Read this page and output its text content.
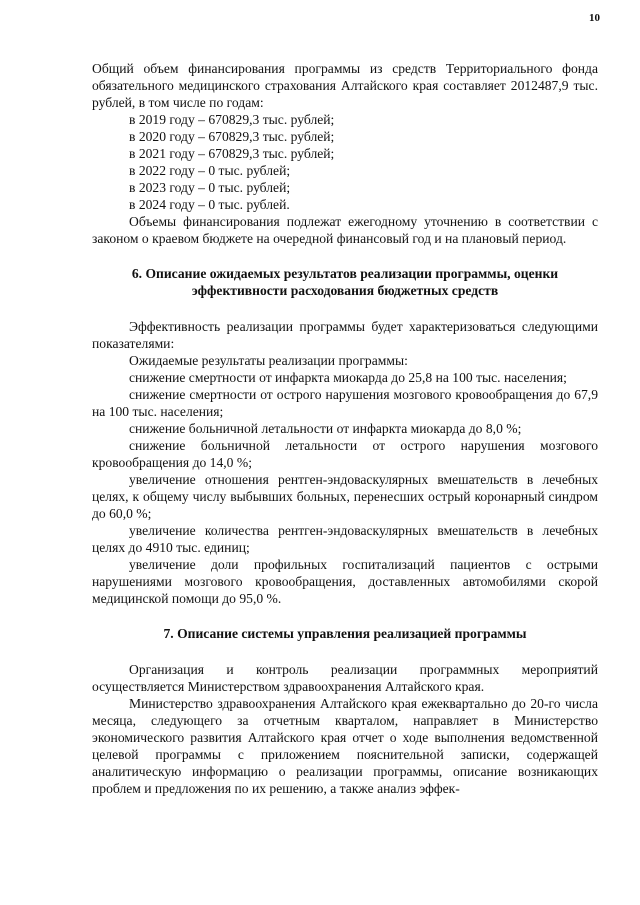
10

Общий объем финансирования программы из средств Территориального фонда обязательного медицинского страхования Алтайского края составляет 2012487,9 тыс. рублей, в том числе по годам:

в 2019 году – 670829,3 тыс. рублей;

в 2020 году – 670829,3 тыс. рублей;

в 2021 году – 670829,3 тыс. рублей;

в 2022 году – 0 тыс. рублей;

в 2023 году – 0 тыс. рублей;

в 2024 году – 0 тыс. рублей.

Объемы финансирования подлежат ежегодному уточнению в соответствии с законом о краевом бюджете на очередной финансовый год и на плановый период.

6. Описание ожидаемых результатов реализации программы, оценки

эффективности расходования бюджетных средств

Эффективность реализации программы будет характеризоваться следующими показателями:

Ожидаемые результаты реализации программы:

снижение смертности от инфаркта миокарда до 25,8 на 100 тыс. населения;

снижение смертности от острого нарушения мозгового кровообращения до 67,9 на 100 тыс. населения;

снижение больничной летальности от инфаркта миокарда до 8,0 %;

снижение больничной летальности от острого нарушения мозгового кровообращения до 14,0 %;

увеличение отношения рентген-эндоваскулярных вмешательств в лечебных целях, к общему числу выбывших больных, перенесших острый коронарный синдром до 60,0 %;

увеличение количества рентген-эндоваскулярных вмешательств в лечебных целях до 4910 тыс. единиц;

увеличение доли профильных госпитализаций пациентов с острыми нарушениями мозгового кровообращения, доставленных автомобилями скорой медицинской помощи до 95,0 %.

7. Описание системы управления реализацией программы

Организация и контроль реализации программных мероприятий осуществляется Министерством здравоохранения Алтайского края.

Министерство здравоохранения Алтайского края ежеквартально до 20-го числа месяца, следующего за отчетным кварталом, направляет в Министерство экономического развития Алтайского края отчет о ходе выполнения ведомственной целевой программы с приложением пояснительной записки, содержащей аналитическую информацию о реализации программы, описание возникающих проблем и предложения по их решению, а также анализ эффек-
